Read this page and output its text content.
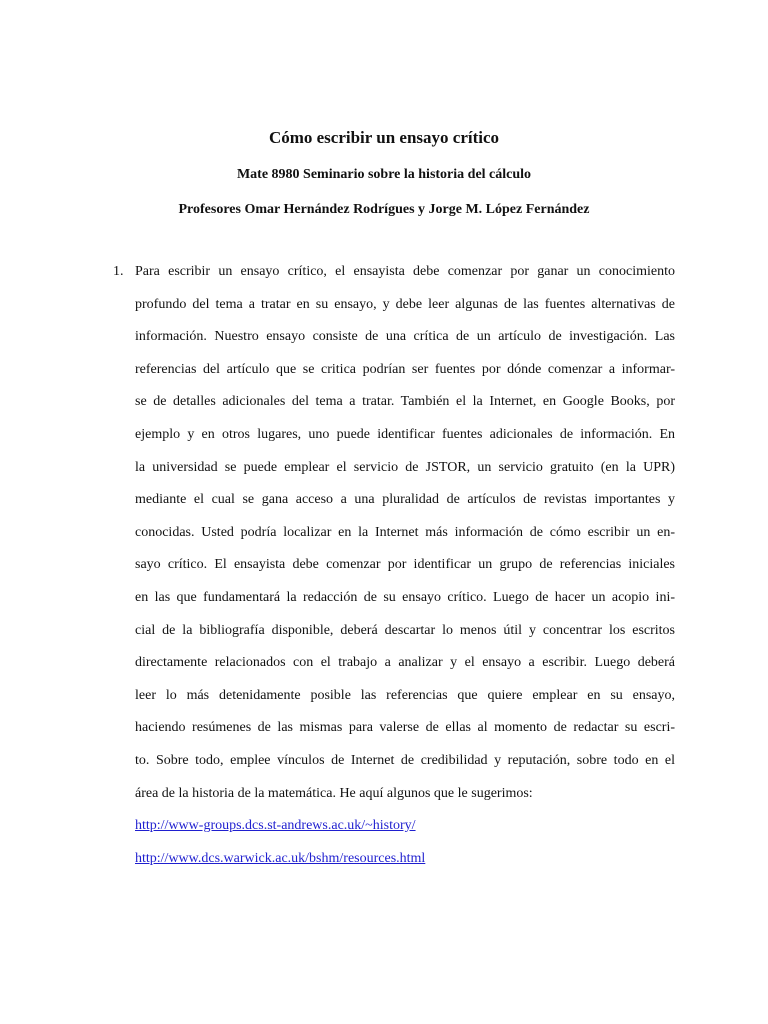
Cómo escribir un ensayo crítico
Mate 8980 Seminario sobre la historia del cálculo
Profesores Omar Hernández Rodrígues y Jorge M. López Fernández
1. Para escribir un ensayo crítico, el ensayista debe comenzar por ganar un conocimiento
profundo del tema a tratar en su ensayo, y debe leer algunas de las fuentes alternativas de
información. Nuestro ensayo consiste de una crítica de un artículo de investigación. Las
referencias del artículo que se critica podrían ser fuentes por dónde comenzar a informar-
se de detalles adicionales del tema a tratar. También el la Internet, en Google Books, por
ejemplo y en otros lugares, uno puede identificar fuentes adicionales de información. En
la universidad se puede emplear el servicio de JSTOR, un servicio gratuito (en la UPR)
mediante el cual se gana acceso a una pluralidad de artículos de revistas importantes y
conocidas. Usted podría localizar en la Internet más información de cómo escribir un en-
sayo crítico. El ensayista debe comenzar por identificar un grupo de referencias iniciales
en las que fundamentará la redacción de su ensayo crítico. Luego de hacer un acopio ini-
cial de la bibliografía disponible, deberá descartar lo menos útil y concentrar los escritos
directamente relacionados con el trabajo a analizar y el ensayo a escribir. Luego deberá
leer lo más detenidamente posible las referencias que quiere emplear en su ensayo,
haciendo resúmenes de las mismas para valerse de ellas al momento de redactar su escri-
to. Sobre todo, emplee vínculos de Internet de credibilidad y reputación, sobre todo en el
área de la historia de la matemática. He aquí algunos que le sugerimos:
http://www-groups.dcs.st-andrews.ac.uk/~history/
http://www.dcs.warwick.ac.uk/bshm/resources.html
